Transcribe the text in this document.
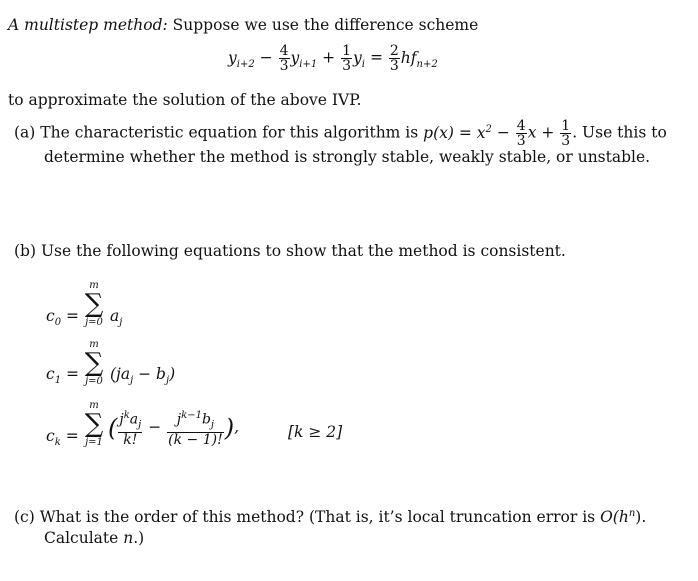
A multistep method: Suppose we use the difference scheme
$y_{i+2} - \frac{4}{3} y_{i+1} + \frac{1}{3} y_i = \frac{2}{3} hf_{n+2}$
to approximate the solution of the above IVP.
(a) The characteristic equation for this algorithm is $p(x) = x^2 - \frac{4}{3}$ $x + \frac{1}{3}$ . Use this to
determine whether the method is strongly stable, weakly stable, or unstable.
(b) Use the following equations to show that the method is consistent.
$c_0$ =
m
∑
j=0 $a_j$
$c_1$ =
m
∑
j=0 $(ja_j - b_j)$
$c_k$ =
m
∑
j=1
( $\frac{j^ka_j}{k!} - \frac{j^{k-1}b_j}{(k - 1)!}$ ),	[k ≥ 2]
(c) What is the order of this method? (That is, it’s local truncation error is $O(h^n)$.
Calculate n.)
